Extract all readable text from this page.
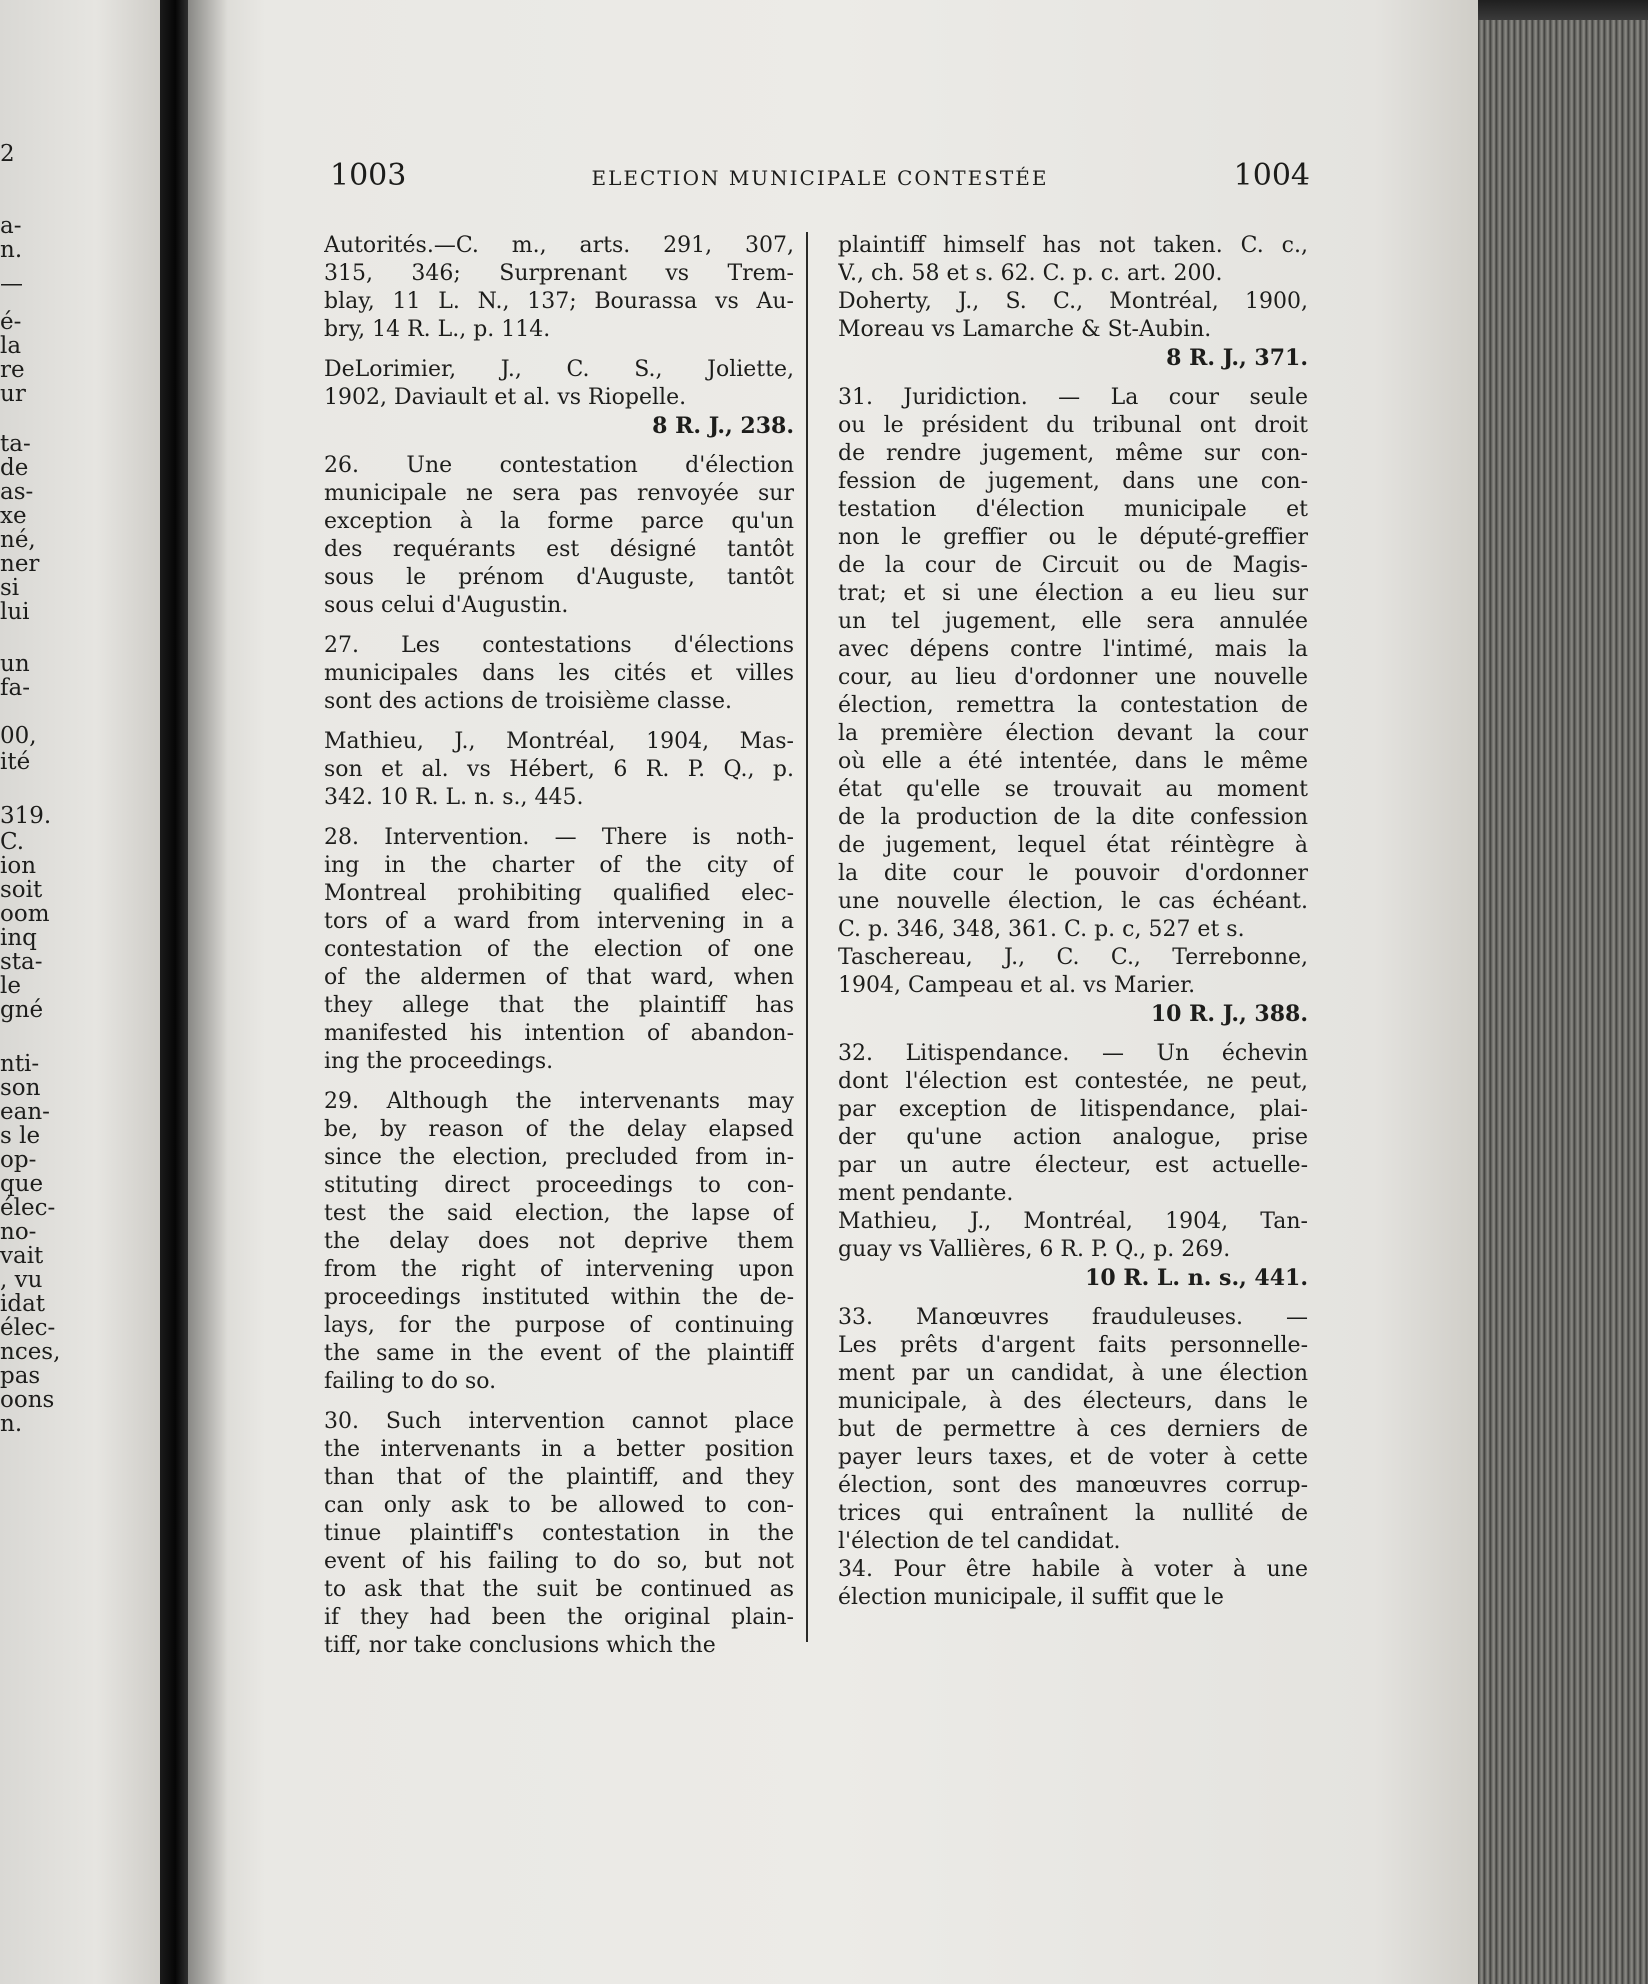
2
a-
n.
—
é-
la
re
ur
ta-
de
as-
xe
né,
ner
si
lui
un
fa-
00,
ité
319.
C.
ion
soit
oom
inq
sta-
le
gné
nti-
son
ean-
s le
op-
que
élec-
no-
vait
, vu
idat
élec-
nces,
pas
oons
n.
1003	ELECTION MUNICIPALE CONTESTÉE	1004
Autorités.—C. m., arts. 291, 307,
315, 346; Surprenant vs Trem-
blay, 11 L. N., 137; Bourassa vs Au-
bry, 14 R. L., p. 114.
DeLorimier, J., C. S., Joliette,
1902, Daviault et al. vs Riopelle.
8 R. J., 238.
26. Une contestation d'élection
municipale ne sera pas renvoyée sur
exception à la forme parce qu'un
des requérants est désigné tantôt
sous le prénom d'Auguste, tantôt
sous celui d'Augustin.
27. Les contestations d'élections
municipales dans les cités et villes
sont des actions de troisième classe.
Mathieu, J., Montréal, 1904, Mas-
son et al. vs Hébert, 6 R. P. Q., p.
342. 10 R. L. n. s., 445.
28. Intervention. — There is noth-
ing in the charter of the city of
Montreal prohibiting qualified elec-
tors of a ward from intervening in a
contestation of the election of one
of the aldermen of that ward, when
they allege that the plaintiff has
manifested his intention of abandon-
ing the proceedings.
29. Although the intervenants may
be, by reason of the delay elapsed
since the election, precluded from in-
stituting direct proceedings to con-
test the said election, the lapse of
the delay does not deprive them
from the right of intervening upon
proceedings instituted within the de-
lays, for the purpose of continuing
the same in the event of the plaintiff
failing to do so.
30. Such intervention cannot place
the intervenants in a better position
than that of the plaintiff, and they
can only ask to be allowed to con-
tinue plaintiff's contestation in the
event of his failing to do so, but not
to ask that the suit be continued as
if they had been the original plain-
tiff, nor take conclusions which the
plaintiff himself has not taken. C. c.,
V., ch. 58 et s. 62. C. p. c. art. 200.
Doherty, J., S. C., Montréal, 1900,
Moreau vs Lamarche & St-Aubin.
8 R. J., 371.
31. Juridiction. — La cour seule
ou le président du tribunal ont droit
de rendre jugement, même sur con-
fession de jugement, dans une con-
testation d'élection municipale et
non le greffier ou le député-greffier
de la cour de Circuit ou de Magis-
trat; et si une élection a eu lieu sur
un tel jugement, elle sera annulée
avec dépens contre l'intimé, mais la
cour, au lieu d'ordonner une nouvelle
élection, remettra la contestation de
la première élection devant la cour
où elle a été intentée, dans le même
état qu'elle se trouvait au moment
de la production de la dite confession
de jugement, lequel état réintègre à
la dite cour le pouvoir d'ordonner
une nouvelle élection, le cas échéant.
C. p. 346, 348, 361. C. p. c, 527 et s.
Taschereau, J., C. C., Terrebonne,
1904, Campeau et al. vs Marier.
10 R. J., 388.
32. Litispendance. — Un échevin
dont l'élection est contestée, ne peut,
par exception de litispendance, plai-
der qu'une action analogue, prise
par un autre électeur, est actuelle-
ment pendante.
Mathieu, J., Montréal, 1904, Tan-
guay vs Vallières, 6 R. P. Q., p. 269.
10 R. L. n. s., 441.
33. Manœuvres frauduleuses. —
Les prêts d'argent faits personnelle-
ment par un candidat, à une élection
municipale, à des électeurs, dans le
but de permettre à ces derniers de
payer leurs taxes, et de voter à cette
élection, sont des manœuvres corrup-
trices qui entraînent la nullité de
l'élection de tel candidat.
34. Pour être habile à voter à une
élection municipale, il suffit que le
